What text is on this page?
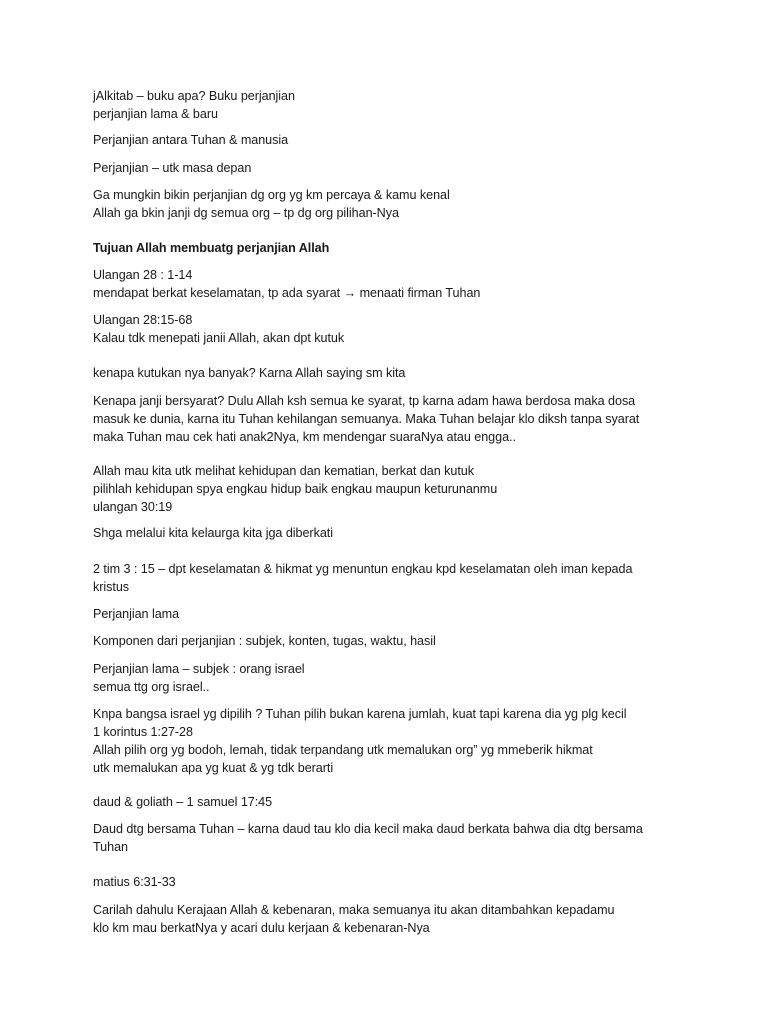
jAlkitab – buku apa? Buku perjanjian
perjanjian lama & baru
Perjanjian antara Tuhan & manusia
Perjanjian – utk masa depan
Ga mungkin bikin perjanjian dg org yg km percaya & kamu kenal
Allah ga bkin janji dg semua org – tp dg org pilihan-Nya
Tujuan Allah membuatg perjanjian Allah
Ulangan 28 : 1-14
mendapat berkat keselamatan, tp ada syarat → menaati firman Tuhan
Ulangan 28:15-68
Kalau tdk menepati janii Allah, akan dpt kutuk
kenapa kutukan nya banyak? Karna Allah saying sm kita
Kenapa janji bersyarat? Dulu Allah ksh semua ke syarat, tp karna adam hawa berdosa maka dosa
masuk ke dunia, karna itu Tuhan kehilangan semuanya. Maka Tuhan belajar klo diksh tanpa syarat
maka Tuhan mau cek hati anak2Nya, km mendengar suaraNya atau engga..
Allah mau kita utk melihat kehidupan dan kematian, berkat dan kutuk
pilihlah kehidupan spya engkau hidup baik engkau maupun keturunanmu
ulangan 30:19
Shga melalui kita kelaurga kita jga diberkati
2 tim 3 : 15 – dpt keselamatan & hikmat yg menuntun engkau kpd keselamatan oleh iman kepada
kristus
Perjanjian lama
Komponen dari perjanjian : subjek, konten, tugas, waktu, hasil
Perjanjian lama – subjek : orang israel
semua ttg org israel..
Knpa bangsa israel yg dipilih ? Tuhan pilih bukan karena jumlah, kuat tapi karena dia yg plg kecil
1 korintus 1:27-28
Allah pilih org yg bodoh, lemah, tidak terpandang utk memalukan org” yg mmeberik hikmat
utk memalukan apa yg kuat & yg tdk berarti
daud & goliath – 1 samuel 17:45
Daud dtg bersama Tuhan – karna daud tau klo dia kecil maka daud berkata bahwa dia dtg bersama
Tuhan
matius 6:31-33
Carilah dahulu Kerajaan Allah & kebenaran, maka semuanya itu akan ditambahkan kepadamu
klo km mau berkatNya y acari dulu kerjaan & kebenaran-Nya
